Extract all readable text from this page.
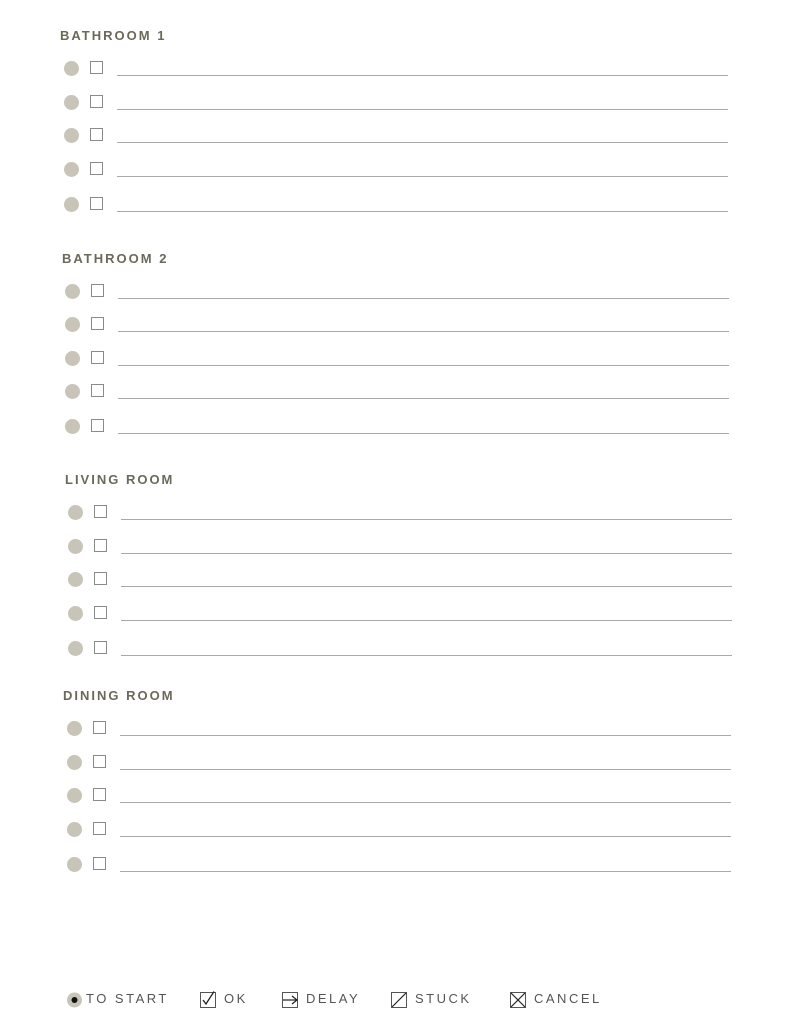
BATHROOM 1
BATHROOM 2
LIVING ROOM
DINING ROOM
TO START	OK	DELAY	STUCK	CANCEL
